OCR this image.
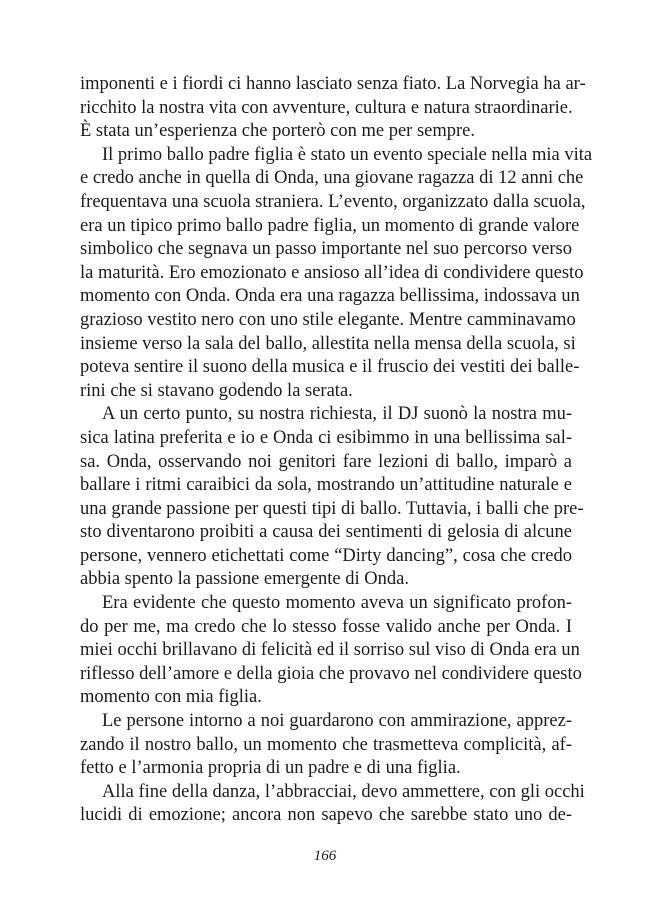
imponenti e i fiordi ci hanno lasciato senza fiato. La Norvegia ha ar-
ricchito la nostra vita con avventure, cultura e natura straordinarie.
È stata un’esperienza che porterò con me per sempre.
Il primo ballo padre figlia è stato un evento speciale nella mia vita
e credo anche in quella di Onda, una giovane ragazza di 12 anni che
frequentava una scuola straniera. L’evento, organizzato dalla scuola,
era un tipico primo ballo padre figlia, un momento di grande valore
simbolico che segnava un passo importante nel suo percorso verso
la maturità. Ero emozionato e ansioso all’idea di condividere questo
momento con Onda. Onda era una ragazza bellissima, indossava un
grazioso vestito nero con uno stile elegante. Mentre camminavamo
insieme verso la sala del ballo, allestita nella mensa della scuola, si
poteva sentire il suono della musica e il fruscio dei vestiti dei balle-
rini che si stavano godendo la serata.
A un certo punto, su nostra richiesta, il DJ suonò la nostra mu-
sica latina preferita e io e Onda ci esibimmo in una bellissima sal-
sa. Onda, osservando noi genitori fare lezioni di ballo, imparò a
ballare i ritmi caraibici da sola, mostrando un’attitudine naturale e
una grande passione per questi tipi di ballo. Tuttavia, i balli che pre-
sto diventarono proibiti a causa dei sentimenti di gelosia di alcune
persone, vennero etichettati come “Dirty dancing”, cosa che credo
abbia spento la passione emergente di Onda.
Era evidente che questo momento aveva un significato profon-
do per me, ma credo che lo stesso fosse valido anche per Onda. I
miei occhi brillavano di felicità ed il sorriso sul viso di Onda era un
riflesso dell’amore e della gioia che provavo nel condividere questo
momento con mia figlia.
Le persone intorno a noi guardarono con ammirazione, apprez-
zando il nostro ballo, un momento che trasmetteva complicità, af-
fetto e l’armonia propria di un padre e di una figlia.
Alla fine della danza, l’abbracciai, devo ammettere, con gli occhi
lucidi di emozione; ancora non sapevo che sarebbe stato uno de-
166
